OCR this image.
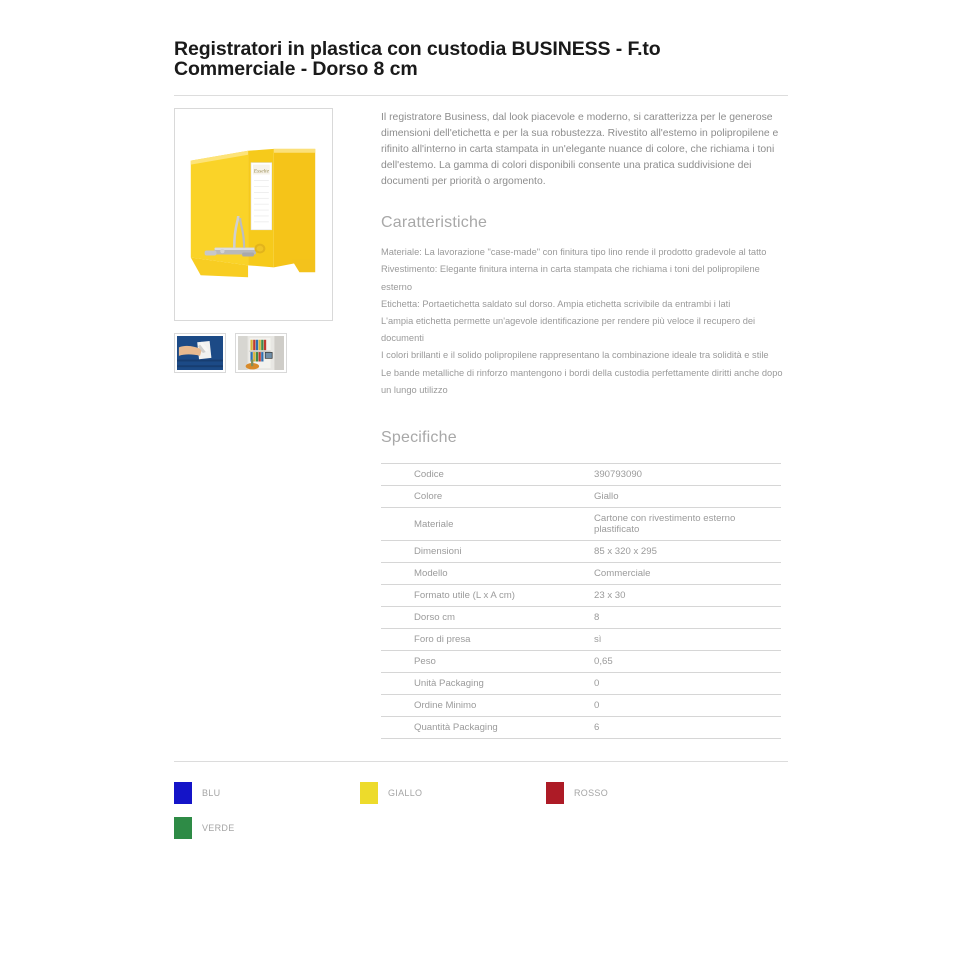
Registratori in plastica con custodia BUSINESS - F.to Commerciale - Dorso 8 cm
Esselte

Il registratore Business, dal look piacevole e moderno, si caratterizza per le generose dimensioni dell'etichetta e per la sua robustezza. Rivestito all'estemo in polipropilene e rifinito all'interno in carta stampata in un'elegante nuance di colore, che richiama i toni dell'estemo. La gamma di colori disponibili consente una pratica suddivisione dei documenti per priorità o argomento.

Caratteristiche
Materiale: La lavorazione "case-made" con finitura tipo lino rende il prodotto gradevole al tatto
Rivestimento: Elegante finitura interna in carta stampata che richiama i toni del polipropilene esterno
Etichetta: Portaetichetta saldato sul dorso. Ampia etichetta scrivibile da entrambi i lati
L'ampia etichetta permette un'agevole identificazione per rendere più veloce il recupero dei documenti
I colori brillanti e il solido polipropilene rappresentano la combinazione ideale tra solidità e stile
Le bande metalliche di rinforzo mantengono i bordi della custodia perfettamente diritti anche dopo un lungo utilizzo
Specifiche
Codice	390793090
Colore	Giallo
Materiale	Cartone con rivestimento esterno plastificato
Dimensioni	85 x 320 x 295
Modello	Commerciale
Formato utile (L x A cm)	23 x 30
Dorso cm	8
Foro di presa	sì
Peso	0,65
Unità Packaging	0
Ordine Minimo	0
Quantità Packaging	6
BLU	GIALLO	ROSSO
VERDE
